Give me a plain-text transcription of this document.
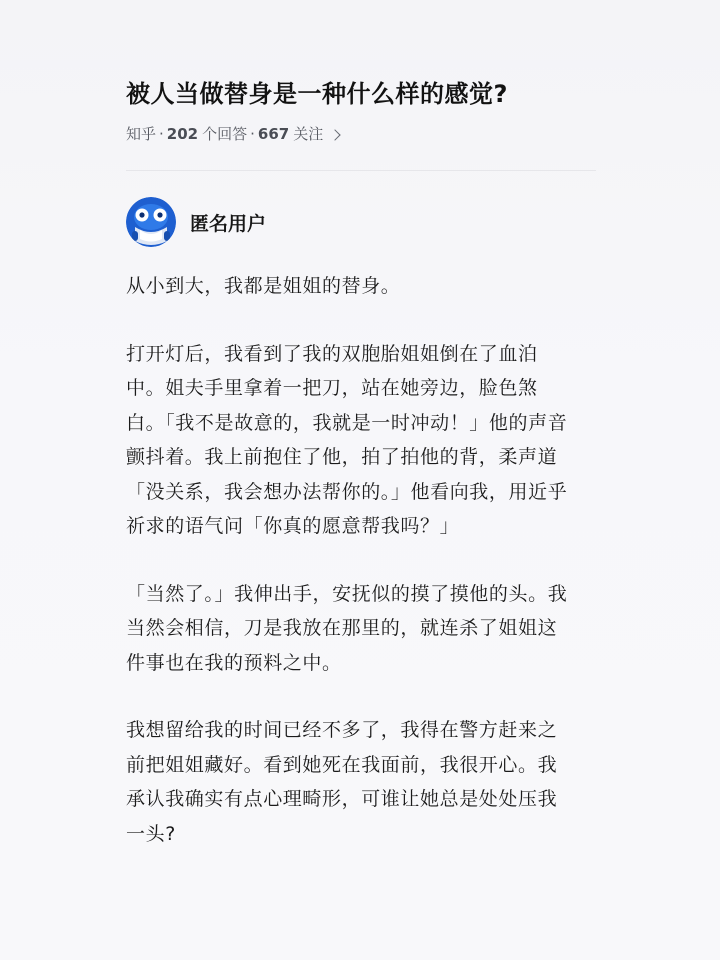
被人当做替身是一种什么样的感觉?
知乎 · 202 个回答 · 667 关注
匿名用户

从小到大，我都是姐姐的替身。

打开灯后，我看到了我的双胞胎姐姐倒在了血泊中。姐夫手里拿着一把刀，站在她旁边，脸色煞白。「我不是故意的，我就是一时冲动！」他的声音颤抖着。我上前抱住了他，拍了拍他的背，柔声道「没关系，我会想办法帮你的。」他看向我，用近乎祈求的语气问「你真的愿意帮我吗？」

「当然了。」我伸出手，安抚似的摸了摸他的头。我当然会相信，刀是我放在那里的，就连杀了姐姐这件事也在我的预料之中。

我想留给我的时间已经不多了，我得在警方赶来之前把姐姐藏好。看到她死在我面前，我很开心。我承认我确实有点心理畸形，可谁让她总是处处压我一头?
